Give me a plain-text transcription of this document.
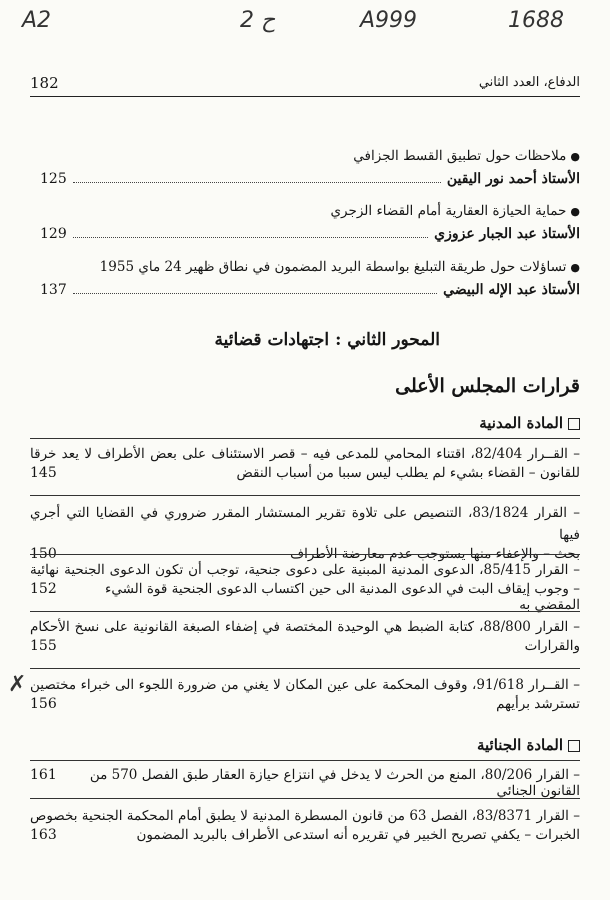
A2	2 ح	A999	1688
182	الدفاع، العدد الثاني
●ملاحظات حول تطبيق القسط الجزافي
الأستاذ أحمد نور اليقين
125
●حماية الحيازة العقارية أمام القضاء الزجري
الأستاذ عبد الجبار عزوزي
129
●تساؤلات حول طريقة التبليغ بواسطة البريد المضمون في نطاق ظهير 24 ماي 1955
الأستاذ عبد الإله البيضي
137
المحور الثاني : اجتهادات قضائية
قرارات المجلس الأعلى
المادة المدنية
– القــرار 82/404، اقتناء المحامي للمدعى فيه – قصر الاستئناف على بعض الأطراف لا يعد خرقا
للقانون – القضاء بشيء لم يطلب ليس سببا من أسباب النقض
145
– القرار 83/1824، التنصيص على تلاوة تقرير المستشار المقرر ضروري في القضايا التي أجري فيها
بحث – والإعفاء منها يستوجب عدم معارضة الأطراف
150
– القرار 85/415، الدعوى المدنية المبنية على دعوى جنحية، توجب أن تكون الدعوى الجنحية نهائية
– وجوب إيقاف البت في الدعوى المدنية الى حين اكتساب الدعوى الجنحية قوة الشيء المقضي به
152
– القرار 88/800، كتابة الضبط هي الوحيدة المختصة في إضفاء الصبغة القانونية على نسخ الأحكام
والقرارات
155
– القــرار 91/618، وقوف المحكمة على عين المكان لا يغني من ضرورة اللجوء الى خبراء مختصين
تسترشد برأيهم
156
✗
المادة الجنائية
– القرار 80/206، المنع من الحرث لا يدخل في انتزاع حيازة العقار طبق الفصل 570 من القانون الجنائي
161
– القرار 83/8371، الفصل 63 من قانون المسطرة المدنية لا يطبق أمام المحكمة الجنحية بخصوص
الخبرات – يكفي تصريح الخبير في تقريره أنه استدعى الأطراف بالبريد المضمون
163
